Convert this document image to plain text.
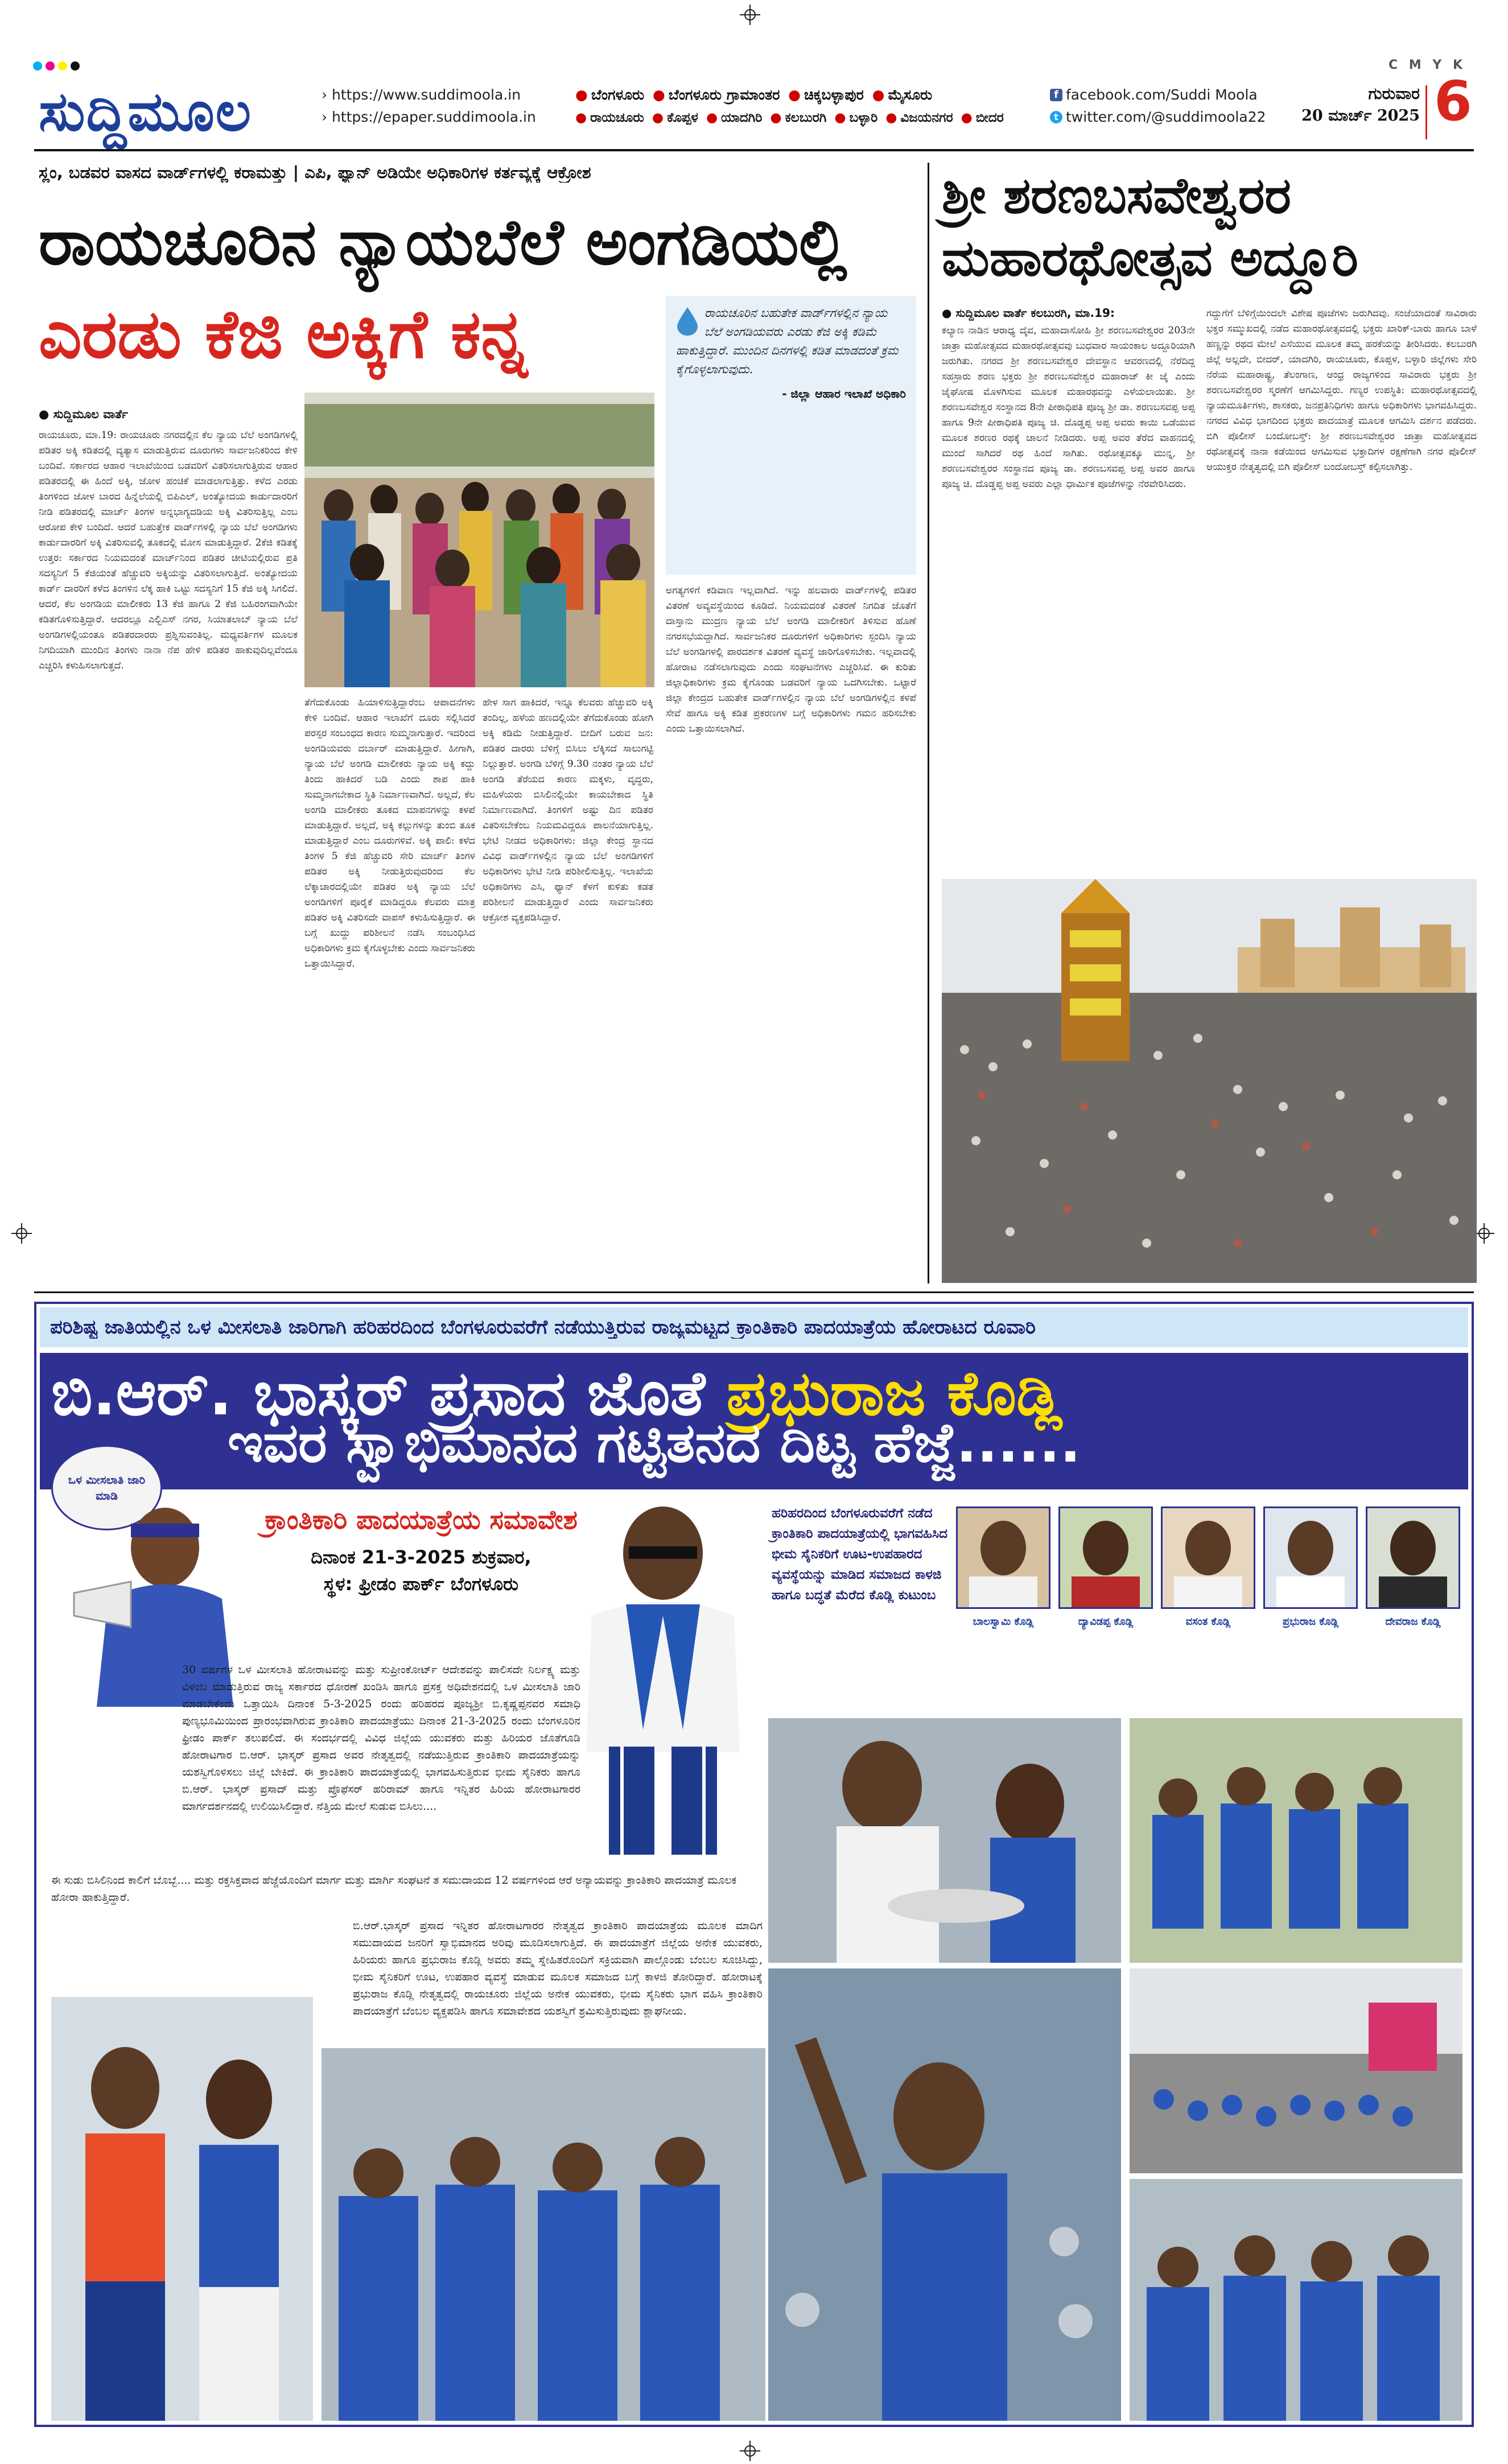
C M Y K
ಸುದ್ದಿಮೂಲ	› https://www.suddimoola.in
› https://epaper.suddimoola.in
● ಬೆಂಗಳೂರು ● ಬೆಂಗಳೂರು ಗ್ರಾಮಾಂತರ ● ಚಿಕ್ಕಬಳ್ಳಾಪುರ ● ಮೈಸೂರು
● ರಾಯಚೂರು ● ಕೊಪ್ಪಳ ● ಯಾದಗಿರಿ ● ಕಲಬುರಗಿ ● ಬಳ್ಳಾರಿ ● ವಿಜಯನಗರ ● ಬೀದರ
f facebook.com/Suddi Moola
t twitter.com/@suddimoola22
ಗುರುವಾರ
20 ಮಾರ್ಚ್ 2025 6
ಸ್ಲಂ, ಬಡವರ ವಾಸದ ವಾರ್ಡ್‌ಗಳಲ್ಲಿ ಕರಾಮತ್ತು | ಎಪಿ, ಫ್ಯಾನ್ ಅಡಿಯೇ ಅಧಿಕಾರಿಗಳ ಕರ್ತವ್ಯಕ್ಕೆ ಆಕ್ರೋಶ
ರಾಯಚೂರಿನ ನ್ಯಾಯಬೆಲೆ ಅಂಗಡಿಯಲ್ಲಿ
ಎರಡು ಕೆಜಿ ಅಕ್ಕಿಗೆ ಕನ್ನ	ರಾಯಚೂರಿನ ಬಹುತೇಕ ವಾರ್ಡ್‌ಗಳಲ್ಲಿನ ನ್ಯಾಯ ಬೆಲೆ ಅಂಗಡಿಯವರು ಎರಡು ಕೆಜಿ ಅಕ್ಕಿ ಕಡಿಮೆ ಹಾಕುತ್ತಿದ್ದಾರೆ. ಮುಂದಿನ ದಿನಗಳಲ್ಲಿ ಕಡಿತ ಮಾಡದಂತೆ ಕ್ರಮ ಕೈಗೊಳ್ಳಲಾಗುವುದು.
- ಜಿಲ್ಲಾ ಆಹಾರ ಇಲಾಖೆ ಅಧಿಕಾರಿ
● ಸುದ್ದಿಮೂಲ ವಾರ್ತೆ
ರಾಯಚೂರು, ಮಾ.19: ರಾಯಚೂರು ನಗರದಲ್ಲಿನ ಕೆಲ ನ್ಯಾಯ ಬೆಲೆ ಅಂಗಡಿಗಳಲ್ಲಿ ಪಡಿತರ ಅಕ್ಕಿ ಕಡಿತದಲ್ಲಿ ವ್ಯತ್ಯಾಸ ಮಾಡುತ್ತಿರುವ ದೂರುಗಳು ಸಾರ್ವಜನಿಕರಿಂದ ಕೇಳಿ ಬಂದಿವೆ. ಸರ್ಕಾರದ ಆಹಾರ ಇಲಾಖೆಯಿಂದ ಬಡವರಿಗೆ ವಿತರಿಸಲಾಗುತ್ತಿರುವ ಆಹಾರ ಪಡಿತರದಲ್ಲಿ ಈ ಹಿಂದೆ ಅಕ್ಕಿ, ಜೋಳ ಹಂಚಿಕೆ ಮಾಡಲಾಗುತ್ತಿತ್ತು. ಕಳೆದ ಎರಡು ತಿಂಗಳಿಂದ ಜೋಳ ಬಾರದ ಹಿನ್ನೆಲೆಯಲ್ಲಿ ಬಿಪಿಎಲ್, ಅಂತ್ಯೋದಯ ಕಾರ್ಡುದಾರರಿಗೆ ನೀಡಿ ಪಡಿತರದಲ್ಲಿ ಮಾರ್ಚ್ ತಿಂಗಳ ಅನ್ನಭಾಗ್ಯದಡಿಯ ಅಕ್ಕಿ ವಿತರಿಸುತ್ತಿಲ್ಲ ಎಂಬ ಆರೋಪ ಕೇಳಿ ಬಂದಿದೆ. ಆದರೆ ಬಹುತ್ತೇಕ ವಾರ್ಡ್‌ಗಳಲ್ಲಿ ನ್ಯಾಯ ಬೆಲೆ ಅಂಗಡಿಗಳು ಕಾರ್ಡುದಾರರಿಗೆ ಅಕ್ಕಿ ವಿತರಿಸುವಲ್ಲಿ ತೂಕದಲ್ಲಿ ಮೋಸ ಮಾಡುತ್ತಿದ್ದಾರೆ. 2ಕೆಜಿ ಕಡಿತಕ್ಕೆ ಉತ್ತರ: ಸರ್ಕಾರದ ನಿಯಮದಂತೆ ಮಾರ್ಚ್‌ನಿಂದ ಪಡಿತರ ಚೀಟಿಯಲ್ಲಿರುವ ಪ್ರತಿ ಸದಸ್ಯನಿಗೆ 5 ಕೆಜಿಯಂತೆ ಹೆಚ್ಚುವರಿ ಅಕ್ಕಿಯನ್ನು ವಿತರಿಸಲಾಗುತ್ತಿದೆ. ಅಂತ್ಯೋದಯ ಕಾರ್ಡ್ ದಾರರಿಗೆ ಕಳೆದ ತಿಂಗಳಿನ ಲೆಕ್ಕ ಹಾಕಿ ಒಟ್ಟು ಸದಸ್ಯನಿಗೆ 15 ಕೆಜಿ ಅಕ್ಕಿ ಸಿಗಲಿದೆ. ಆದರೆ, ಕೆಲ ಅಂಗಡಿಯ ಮಾಲೀಕರು 13 ಕೆಜಿ ಹಾಗೂ 2 ಕೆಜಿ ಬಹಿರಂಗವಾಗಿಯೇ ಕಡಿತಗೊಳಿಸುತ್ತಿದ್ದಾರೆ. ಆದರಲ್ಲೂ ಎಲ್ಬಿಎಸ್ ನಗರ, ಸಿಯಾತಲಾಬ್ ನ್ಯಾಯ ಬೆಲೆ ಅಂಗಡಿಗಳಲ್ಲಿಯಂತೂ ಪಡಿತರದಾರರು ಪ್ರಶ್ನಿಸುವಂತಿಲ್ಲ. ಮಧ್ಯವರ್ತಿಗಳ ಮೂಲಕ ನಿಗದಿಯಾಗಿ ಮುಂದಿನ ತಿಂಗಳು ನಾನಾ ನೆಪ ಹೇಳಿ ಪಡಿತರ ಹಾಕುವುದಿಲ್ಲವೆಂದೂ ಎಚ್ಚರಿಸಿ ಕಳುಹಿಸಲಾಗುತ್ತದೆ.
ತೆಗೆದುಕೊಂಡು ಹಿಯಾಳಿಸುತ್ತಿದ್ದಾರೆಂಬ ಆಪಾದನೆಗಳು ಕೇಳಿ ಬಂದಿವೆ. ಆಹಾರ ಇಲಾಖೆಗೆ ದೂರು ಸಲ್ಲಿಸಿದರೆ ಪರಸ್ಪರ ಸಂಬಂಧದ ಕಾರಣ ಸುಮ್ಮನಾಗುತ್ತಾರೆ. ಇದರಿಂದ ಅಂಗಡಿಯವರು ದರ್ಬಾರ್ ಮಾಡುತ್ತಿದ್ದಾರೆ. ಹೀಗಾಗಿ, ನ್ಯಾಯ ಬೆಲೆ ಅಂಗಡಿ ಮಾಲೀಕರು ನ್ಯಾಯ ಅಕ್ಕಿ ಕದ್ದು ತಿಂದು ಹಾಕಿದರೆ ಬಡಿ ಎಂದು ಶಾಪ ಹಾಕಿ ಸುಮ್ಮನಾಗಬೇಕಾದ ಸ್ಥಿತಿ ನಿರ್ಮಾಣವಾಗಿದೆ. ಅಲ್ಲದೆ, ಕೆಲ ಅಂಗಡಿ ಮಾಲೀಕರು ತೂಕದ ಮಾಪನಗಳನ್ನು ಕಳಪೆ ಮಾಡುತ್ತಿದ್ದಾರೆ. ಅಲ್ಲದೆ, ಅಕ್ಕಿ ಕಲ್ಲುಗಳನ್ನು ತುಂಬಿ ತೂಕ ಮಾಡುತ್ತಿದ್ದಾರೆ ಎಂಬ ದೂರುಗಳಿವೆ. ಅಕ್ಕಿ ಪಾಲಿ: ಕಳೆದ ತಿಂಗಳ 5 ಕೆಜಿ ಹೆಚ್ಚುವರಿ ಸೇರಿ ಮಾರ್ಚ್ ತಿಂಗಳ ಪಡಿತರ ಅಕ್ಕಿ ನೀಡುತ್ತಿರುವುದರಿಂದ ಕೆಲ ಲೆಕ್ಕಾಚಾರದಲ್ಲಿಯೇ ಪಡಿತರ ಅಕ್ಕಿ ನ್ಯಾಯ ಬೆಲೆ ಅಂಗಡಿಗಳಿಗೆ ಪೂರೈಕೆ ಮಾಡಿದ್ದರೂ ಕೆಲವರು ಮಾತ್ರ ಪಡಿತರ ಅಕ್ಕಿ ವಿತರಿಸದೇ ವಾಪಸ್ ಕಳುಹಿಸುತ್ತಿದ್ದಾರೆ. ಈ ಬಗ್ಗೆ ಖುದ್ದು ಪರಿಶೀಲನೆ ನಡೆಸಿ ಸಂಬಂಧಿಸಿದ ಅಧಿಕಾರಿಗಳು ಕ್ರಮ ಕೈಗೊಳ್ಳಬೇಕು ಎಂದು ಸಾರ್ವಜನಿಕರು ಒತ್ತಾಯಿಸಿದ್ದಾರೆ.
ಹೇಳ ಸಾಗ ಹಾಕಿದರೆ, ಇನ್ನೂ ಕೆಲವರು ಹೆಚ್ಚುವರಿ ಅಕ್ಕಿ ತಂದಿಲ್ಲ, ಹಳೆಯ ಹಣದಲ್ಲಿಯೇ ತೆಗೆದುಕೊಂಡು ಹೋಗಿ ಅಕ್ಕಿ ಕಡಿಮೆ ನೀಡುತ್ತಿದ್ದಾರೆ. ಬೀದಿಗೆ ಬರುವ ಜನ: ಪಡಿತರ ದಾರರು ಬೆಳಿಗ್ಗೆ ಬಿಸಿಲು ಲೆಕ್ಕಿಸದೆ ಸಾಲುಗಟ್ಟಿ ನಿಲ್ಲುತ್ತಾರೆ. ಅಂಗಡಿ ಬೆಳಿಗ್ಗೆ 9.30 ನಂತರ ನ್ಯಾಯ ಬೆಲೆ ಅಂಗಡಿ ತೆರೆಯದ ಕಾರಣ ಮಕ್ಕಳು, ವೃದ್ಧರು, ಮಹಿಳೆಯರು ಬಿಸಿಲಿನಲ್ಲಿಯೇ ಕಾಯಬೇಕಾದ ಸ್ಥಿತಿ ನಿರ್ಮಾಣವಾಗಿದೆ. ತಿಂಗಳಿಗೆ ಅಷ್ಟು ದಿನ ಪಡಿತರ ವಿತರಿಸಬೇಕೆಂಬ ನಿಯಮವಿದ್ದರೂ ಪಾಲನೆಯಾಗುತ್ತಿಲ್ಲ. ಭೇಟಿ ನೀಡದ ಅಧಿಕಾರಿಗಳು: ಜಿಲ್ಲಾ ಕೇಂದ್ರ ಸ್ಥಾನದ ವಿವಿಧ ವಾರ್ಡ್‌ಗಳಲ್ಲಿನ ನ್ಯಾಯ ಬೆಲೆ ಅಂಗಡಿಗಳಿಗೆ ಅಧಿಕಾರಿಗಳು ಭೇಟಿ ನೀಡಿ ಪರಿಶೀಲಿಸುತ್ತಿಲ್ಲ. ಇಲಾಖೆಯ ಅಧಿಕಾರಿಗಳು ಎಸಿ, ಫ್ಯಾನ್ ಕೆಳಗೆ ಕುಳಿತು ಕಡತ ಪರಿಶೀಲನೆ ಮಾಡುತ್ತಿದ್ದಾರೆ ಎಂದು ಸಾರ್ವಜನಿಕರು ಆಕ್ರೋಶ ವ್ಯಕ್ತಪಡಿಸಿದ್ದಾರೆ.
ಅಗತ್ಯಗಳಿಗೆ ಕಡಿವಾಣ ಇಲ್ಲವಾಗಿದೆ. ಇನ್ನು ಹಲವಾರು ವಾರ್ಡ್‌ಗಳಲ್ಲಿ ಪಡಿತರ ವಿತರಣೆ ಅವ್ಯವಸ್ಥೆಯಿಂದ ಕೂಡಿದೆ. ನಿಯಮದಂತೆ ವಿತರಣೆ ನಿಗದಿತ ಜೊತೆಗೆ ದಾಸ್ತಾನು ಮುದ್ರಣ ನ್ಯಾಯ ಬೆಲೆ ಅಂಗಡಿ ಮಾಲೀಕರಿಗೆ ತಿಳಿಸುವ ಹೊಣೆ ನಗರಸಭೆಯದ್ದಾಗಿದೆ. ಸಾರ್ವಜನಿಕರ ದೂರುಗಳಿಗೆ ಅಧಿಕಾರಿಗಳು ಸ್ಪಂದಿಸಿ ನ್ಯಾಯ ಬೆಲೆ ಅಂಗಡಿಗಳಲ್ಲಿ ಪಾರದರ್ಶಕ ವಿತರಣೆ ವ್ಯವಸ್ಥೆ ಜಾರಿಗೊಳಿಸಬೇಕು. ಇಲ್ಲವಾದಲ್ಲಿ ಹೋರಾಟ ನಡೆಸಲಾಗುವುದು ಎಂದು ಸಂಘಟನೆಗಳು ಎಚ್ಚರಿಸಿವೆ. ಈ ಕುರಿತು ಜಿಲ್ಲಾಧಿಕಾರಿಗಳು ಕ್ರಮ ಕೈಗೊಂಡು ಬಡವರಿಗೆ ನ್ಯಾಯ ಒದಗಿಸಬೇಕು. ಒಟ್ಟಾರೆ ಜಿಲ್ಲಾ ಕೇಂದ್ರದ ಬಹುತೇಕ ವಾರ್ಡ್‌ಗಳಲ್ಲಿನ ನ್ಯಾಯ ಬೆಲೆ ಅಂಗಡಿಗಳಲ್ಲಿನ ಕಳಪೆ ಸೇವೆ ಹಾಗೂ ಅಕ್ಕಿ ಕಡಿತ ಪ್ರಕರಣಗಳ ಬಗ್ಗೆ ಅಧಿಕಾರಿಗಳು ಗಮನ ಹರಿಸಬೇಕು ಎಂದು ಒತ್ತಾಯಿಸಲಾಗಿದೆ.
ಶ್ರೀ ಶರಣಬಸವೇಶ್ವರರ
ಮಹಾರಥೋತ್ಸವ ಅದ್ದೂರಿ
● ಸುದ್ದಿಮೂಲ ವಾರ್ತೆ ಕಲಬುರಗಿ, ಮಾ.19:
ಕಲ್ಯಾಣ ನಾಡಿನ ಆರಾಧ್ಯ ದೈವ, ಮಹಾದಾಸೋಹಿ ಶ್ರೀ ಶರಣಬಸವೇಶ್ವರರ 203ನೇ ಜಾತ್ರಾ ಮಹೋತ್ಸವದ ಮಹಾರಥೋತ್ಸವವು ಬುಧವಾರ ಸಾಯಂಕಾಲ ಅದ್ದೂರಿಯಾಗಿ ಜರುಗಿತು. ನಗರದ ಶ್ರೀ ಶರಣಬಸವೇಶ್ವರ ದೇವಸ್ಥಾನ ಆವರಣದಲ್ಲಿ ನೆರೆದಿದ್ದ ಸಹಸ್ರಾರು ಶರಣ ಭಕ್ತರು ಶ್ರೀ ಶರಣಬಸವೇಶ್ವರ ಮಹಾರಾಜ್ ಕೀ ಜೈ ಎಂದು ಜೈಘೋಷ ಮೊಳಗಿಸುವ ಮೂಲಕ ಮಹಾರಥವನ್ನು ಎಳೆಯಲಾಯಿತು. ಶ್ರೀ ಶರಣಬಸವೇಶ್ವರ ಸಂಸ್ಥಾನದ 8ನೇ ಪೀಠಾಧಿಪತಿ ಪೂಜ್ಯ ಶ್ರೀ ಡಾ. ಶರಣಬಸವಪ್ಪ ಅಪ್ಪ ಹಾಗೂ 9ನೇ ಪೀಠಾಧಿಪತಿ ಪೂಜ್ಯ ಚಿ. ದೊಡ್ಡಪ್ಪ ಅಪ್ಪ ಅವರು ಕಾಯಿ ಒಡೆಯುವ ಮೂಲಕ ಶರಣರ ರಥಕ್ಕೆ ಚಾಲನೆ ನೀಡಿದರು. ಅಪ್ಪ ಅವರ ತೆರೆದ ವಾಹನದಲ್ಲಿ ಮುಂದೆ ಸಾಗಿದರೆ ರಥ ಹಿಂದೆ ಸಾಗಿತು. ರಥೋತ್ಸವಕ್ಕೂ ಮುನ್ನ, ಶ್ರೀ ಶರಣಬಸವೇಶ್ವರರ ಸಂಸ್ಥಾನದ ಪೂಜ್ಯ ಡಾ. ಶರಣಬಸವಪ್ಪ ಅಪ್ಪ ಅವರ ಹಾಗೂ ಪೂಜ್ಯ ಚಿ. ದೊಡ್ಡಪ್ಪ ಅಪ್ಪ ಅವರು ಎಲ್ಲಾ ಧಾರ್ಮಿಕ ಪೂಜೆಗಳನ್ನು ನೆರವೇರಿಸಿದರು.
ಗದ್ದುಗೆಗೆ ಬೆಳಿಗ್ಗೆಯಿಂದಲೇ ವಿಶೇಷ ಪೂಜೆಗಳು ಜರುಗಿದವು. ಸಂಜೆಯಾದಂತೆ ಸಾವಿರಾರು ಭಕ್ತರ ಸಮ್ಮುಖದಲ್ಲಿ ನಡೆದ ಮಹಾರಥೋತ್ಸವದಲ್ಲಿ ಭಕ್ತರು ಖಾರಿಕ್-ಬಾರು ಹಾಗೂ ಬಾಳೆ ಹಣ್ಣನ್ನು ರಥದ ಮೇಲೆ ಎಸೆಯುವ ಮೂಲಕ ತಮ್ಮ ಹರಕೆಯನ್ನು ತೀರಿಸಿದರು. ಕಲಬುರಗಿ ಜಿಲ್ಲೆ ಅಲ್ಲದೇ, ಬೀದರ್, ಯಾದಗಿರಿ, ರಾಯಚೂರು, ಕೊಪ್ಪಳ, ಬಳ್ಳಾರಿ ಜಿಲ್ಲೆಗಳು ಸೇರಿ ನೆರೆಯ ಮಹಾರಾಷ್ಟ್ರ, ತೆಲಂಗಾಣ, ಆಂಧ್ರ ರಾಜ್ಯಗಳಿಂದ ಸಾವಿರಾರು ಭಕ್ತರು ಶ್ರೀ ಶರಣಬಸವೇಶ್ವರರ ಸ್ಮರಣೆಗೆ ಆಗಮಿಸಿದ್ದರು. ಗಣ್ಯರ ಉಪಸ್ಥಿತಿ: ಮಹಾರಥೋತ್ಸವದಲ್ಲಿ ನ್ಯಾಯಮೂರ್ತಿಗಳು, ಶಾಸಕರು, ಜನಪ್ರತಿನಿಧಿಗಳು ಹಾಗೂ ಅಧಿಕಾರಿಗಳು ಭಾಗವಹಿಸಿದ್ದರು. ನಗರದ ವಿವಿಧ ಭಾಗದಿಂದ ಭಕ್ತರು ಪಾದಯಾತ್ರೆ ಮೂಲಕ ಆಗಮಿಸಿ ದರ್ಶನ ಪಡೆದರು. ಬಿಗಿ ಪೊಲೀಸ್ ಬಂದೋಬಸ್ತ್: ಶ್ರೀ ಶರಣಬಸವೇಶ್ವರರ ಜಾತ್ರಾ ಮಹೋತ್ಸವದ ರಥೋತ್ಸವಕ್ಕೆ ನಾನಾ ಕಡೆಯಿಂದ ಆಗಮಿಸುವ ಭಕ್ತಾದಿಗಳ ರಕ್ಷಣೆಗಾಗಿ ನಗರ ಪೊಲೀಸ್ ಆಯುಕ್ತರ ನೇತೃತ್ವದಲ್ಲಿ ಬಿಗಿ ಪೊಲೀಸ್ ಬಂದೋಬಸ್ತ್ ಕಲ್ಪಿಸಲಾಗಿತ್ತು.
ಪರಿಶಿಷ್ಟ ಜಾತಿಯಲ್ಲಿನ ಒಳ ಮೀಸಲಾತಿ ಜಾರಿಗಾಗಿ ಹರಿಹರದಿಂದ ಬೆಂಗಳೂರುವರೆಗೆ ನಡೆಯುತ್ತಿರುವ ರಾಜ್ಯಮಟ್ಟದ ಕ್ರಾಂತಿಕಾರಿ ಪಾದಯಾತ್ರೆಯ ಹೋರಾಟದ ರೂವಾರಿ
ಬಿ.ಆರ್. ಭಾಸ್ಕರ್ ಪ್ರಸಾದ ಜೊತೆ ಪ್ರಭುರಾಜ ಕೊಡ್ಲಿ
ಇವರ ಸ್ವಾಭಿಮಾನದ ಗಟ್ಟಿತನದ ದಿಟ್ಟ ಹೆಜ್ಜೆ......
ಒಳ ಮೀಸಲಾತಿ ಜಾರಿ ಮಾಡಿ
ಕ್ರಾಂತಿಕಾರಿ ಪಾದಯಾತ್ರೆಯ ಸಮಾವೇಶ
ದಿನಾಂಕ 21-3-2025 ಶುಕ್ರವಾರ,
ಸ್ಥಳ: ಫ್ರೀಡಂ ಪಾರ್ಕ್ ಬೆಂಗಳೂರು
ಹರಿಹರದಿಂದ ಬೆಂಗಳೂರುವರೆಗೆ ನಡೆದ ಕ್ರಾಂತಿಕಾರಿ ಪಾದಯಾತ್ರೆಯಲ್ಲಿ ಭಾಗವಹಿಸಿದ ಭೀಮ ಸೈನಿಕರಿಗೆ ಊಟ-ಉಪಹಾರದ ವ್ಯವಸ್ಥೆಯನ್ನು ಮಾಡಿದ ಸಮಾಜದ ಕಾಳಜಿ ಹಾಗೂ ಬದ್ಧತೆ ಮೆರೆದ ಕೊಡ್ಲಿ ಕುಟುಂಬ
ಬಾಲಸ್ವಾಮಿ ಕೊಡ್ಲಿ	ದ್ಯಾವಿಡಪ್ಪ ಕೊಡ್ಲಿ	ವಸಂತ ಕೊಡ್ಲಿ	ಪ್ರಭುರಾಜ ಕೊಡ್ಲಿ	ದೇವರಾಜ ಕೊಡ್ಲಿ
30 ವರ್ಷಗಳ ಒಳ ಮೀಸಲಾತಿ ಹೋರಾಟವನ್ನು ಮತ್ತು ಸುಪ್ರೀಂಕೋರ್ಟ್ ಆದೇಶವನ್ನು ಪಾಲಿಸದೇ ನಿರ್ಲಕ್ಷ್ಯ ಮತ್ತು ವಿಳಂಬ ಮಾಡುತ್ತಿರುವ ರಾಜ್ಯ ಸರ್ಕಾರದ ಧೋರಣೆ ಖಂಡಿಸಿ ಹಾಗೂ ಪ್ರಸಕ್ತ ಅಧಿವೇಶನದಲ್ಲಿ ಒಳ ಮೀಸಲಾತಿ ಜಾರಿ ಮಾಡಬೇಕೆಂದು ಒತ್ತಾಯಿಸಿ ದಿನಾಂಕ 5-3-2025 ರಂದು ಹರಿಹರದ ಪೂಜ್ಯಶ್ರೀ ಬಿ.ಕೃಷ್ಣಪ್ಪನವರ ಸಮಾಧಿ ಪುಣ್ಯಭೂಮಿಯಿಂದ ಪ್ರಾರಂಭವಾಗಿರುವ ಕ್ರಾಂತಿಕಾರಿ ಪಾದಯಾತ್ರೆಯು ದಿನಾಂಕ 21-3-2025 ರಂದು ಬೆಂಗಳೂರಿನ ಫ್ರೀಡಂ ಪಾರ್ಕ್ ತಲುಪಲಿದೆ. ಈ ಸಂದರ್ಭದಲ್ಲಿ ವಿವಿಧ ಜಿಲ್ಲೆಯ ಯುವಕರು ಮತ್ತು ಹಿರಿಯರ ಜೊತೆಗೂಡಿ ಹೋರಾಟಗಾರ ಬಿ.ಆರ್. ಭಾಸ್ಕರ್ ಪ್ರಸಾದ ಅವರ ನೇತೃತ್ವದಲ್ಲಿ ನಡೆಯುತ್ತಿರುವ ಕ್ರಾಂತಿಕಾರಿ ಪಾದಯಾತ್ರೆಯನ್ನು ಯಶಸ್ವಿಗೊಳಿಸಲು ಜಿಲ್ಲೆ ಬೇಕಿದೆ. ಈ ಕ್ರಾಂತಿಕಾರಿ ಪಾದಯಾತ್ರೆಯಲ್ಲಿ ಭಾಗವಹಿಸುತ್ತಿರುವ ಭೀಮ ಸೈನಿಕರು ಹಾಗೂ ಬಿ.ಆರ್. ಭಾಸ್ಕರ್ ಪ್ರಸಾದ್ ಮತ್ತು ಪ್ರೊಫೆಸರ್ ಹರಿರಾಮ್ ಹಾಗೂ ಇನ್ನಿತರ ಹಿರಿಯ ಹೋರಾಟಗಾರರ ಮಾರ್ಗದರ್ಶನದಲ್ಲಿ ಉಲಿಯಿಸಿಲಿದ್ದಾರೆ. ನೆತ್ತಿಯ ಮೇಲೆ ಸುಡುವ ಬಿಸಿಲು....
ಈ ಸುಡು ಬಿಸಿಲಿನಿಂದ ಕಾಲಿಗೆ ಬೊಬ್ಬೆ.... ಮತ್ತು ರಕ್ತಸಿಕ್ತವಾದ ಹೆಜ್ಜೆಯೊಂದಿಗೆ ಮಾರ್ಗ ಮತ್ತು ಮಾರ್ಗಿ ಸಂಘಟನೆ ತ ಸಮುದಾಯದ 12 ವರ್ಷಗಳಿಂದ ಆರೆ ಅನ್ಯಾಯವನ್ನು ಕ್ರಾಂತಿಕಾರಿ ಪಾದಯಾತ್ರೆ ಮೂಲಕ ಹೋರಾ ಹಾಕುತ್ತಿದ್ದಾರೆ.
ಬಿ.ಆರ್.ಭಾಸ್ಕರ್ ಪ್ರಸಾದ ಇನ್ನಿತರ ಹೋರಾಟಗಾರರ ನೇತೃತ್ವದ ಕ್ರಾಂತಿಕಾರಿ ಪಾದಯಾತ್ರೆಯ ಮೂಲಕ ಮಾದಿಗ ಸಮುದಾಯದ ಜನರಿಗೆ ಸ್ವಾಭಿಮಾನದ ಅರಿವು ಮೂಡಿಸಲಾಗುತ್ತಿದೆ. ಈ ಪಾದಯಾತ್ರೆಗೆ ಜಿಲ್ಲೆಯ ಅನೇಕ ಯುವಕರು, ಹಿರಿಯರು ಹಾಗೂ ಪ್ರಭುರಾಜ ಕೊಡ್ಲಿ ಅವರು ತಮ್ಮ ಸ್ನೇಹಿತರೊಂದಿಗೆ ಸಕ್ರಿಯವಾಗಿ ಪಾಲ್ಗೊಂಡು ಬೆಂಬಲ ಸೂಚಿಸಿದ್ದು, ಭೀಮ ಸೈನಿಕರಿಗೆ ಊಟ, ಉಪಹಾರ ವ್ಯವಸ್ಥೆ ಮಾಡುವ ಮೂಲಕ ಸಮಾಜದ ಬಗ್ಗೆ ಕಾಳಜಿ ತೋರಿದ್ದಾರೆ. ಹೋರಾಟಕ್ಕೆ ಪ್ರಭುರಾಜ ಕೊಡ್ಲಿ ನೇತೃತ್ವದಲ್ಲಿ ರಾಯಚೂರು ಜಿಲ್ಲೆಯ ಅನೇಕ ಯುವಕರು, ಭೀಮ ಸೈನಿಕರು ಭಾಗ ವಹಿಸಿ ಕ್ರಾಂತಿಕಾರಿ ಪಾದಯಾತ್ರೆಗೆ ಬೆಂಬಲ ವ್ಯಕ್ತಪಡಿಸಿ ಹಾಗೂ ಸಮಾವೇಶದ ಯಶಸ್ವಿಗೆ ಶ್ರಮಿಸುತ್ತಿರುವುದು ಶ್ಲಾಘನೀಯ.
